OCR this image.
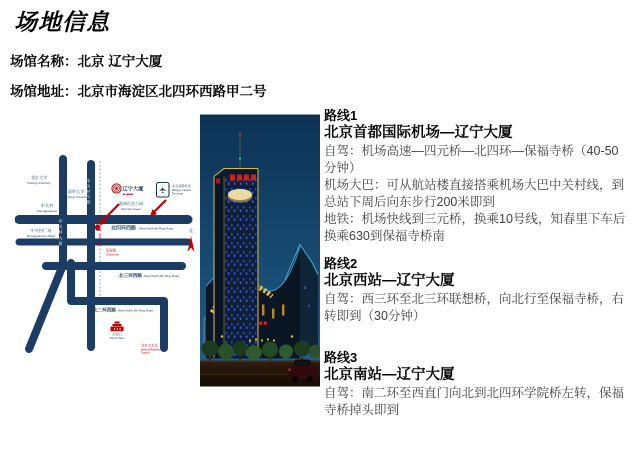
场地信息
场馆名称：北京 辽宁大厦
场馆地址：北京市海淀区北四环西路甲二号
中关村大街
中关村东路
北四环西路 West North4th Ring Road
北三环西路 West North 3th Ring Road
北二环西路 West North 2th Ring Road
北京大学
Peking University
清华大学
Tsinghua University
中关村
Zhongguancun
中关村广场
Zhongguancun Plaza
奥林匹克公园
Olympic Green
辽宁大厦 ✈
北京首都机场
Beijing Capital
Terminal
保福寺桥
知春路
Zhichunlu
北
天安门
Tian An Men
北京火车站
Beijing Railway
Station
路线1
北京首都国际机场—辽宁大厦
自驾：机场高速—四元桥—北四环—保福寺桥（40-50分钟）
机场大巴：可从航站楼直接搭乘机场大巴中关村线，到总站下周后向东步行200米即到
地铁：机场快线到三元桥，换乘10号线，知春里下车后换乘630到保福寺桥南
路线2
北京西站—辽宁大厦
自驾：西三环至北三环联想桥，向北行至保福寺桥，右转即到（30分钟）
路线3
北京南站—辽宁大厦
自驾：南二环至西直门向北到北四环学院桥左转，保福寺桥掉头即到
